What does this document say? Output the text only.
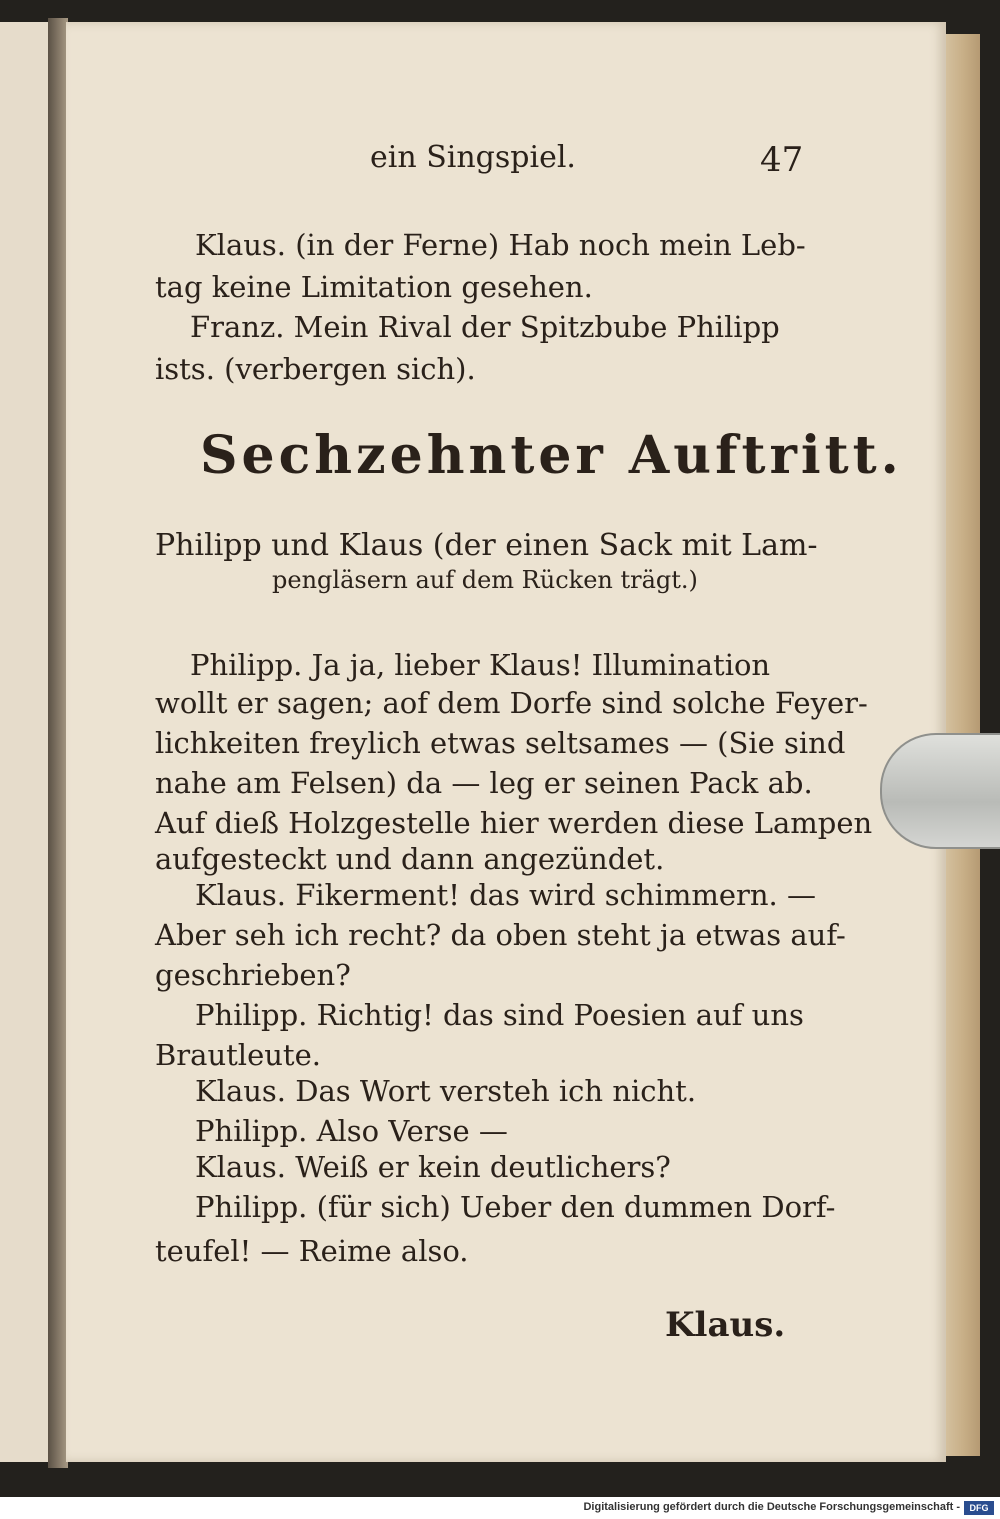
ein Singspiel.	47
Klaus. (in der Ferne) Hab noch mein Leb-
tag keine Limitation gesehen.
Franz. Mein Rival der Spitzbube Philipp
ists. (verbergen sich).
Sechzehnter Auftritt.
Philipp und Klaus (der einen Sack mit Lam-
pengläsern auf dem Rücken trägt.)
Philipp. Ja ja, lieber Klaus! Illumination
wollt er sagen; aof dem Dorfe sind solche Feyer-
lichkeiten freylich etwas seltsames — (Sie sind
nahe am Felsen) da — leg er seinen Pack ab.
Auf dieß Holzgestelle hier werden diese Lampen
aufgesteckt und dann angezündet.
Klaus. Fikerment! das wird schimmern. —
Aber seh ich recht? da oben steht ja etwas auf-
geschrieben?
Philipp. Richtig! das sind Poesien auf uns
Brautleute.
Klaus. Das Wort versteh ich nicht.
Philipp. Also Verse —
Klaus. Weiß er kein deutlichers?
Philipp. (für sich) Ueber den dummen Dorf-
teufel! — Reime also.
Klaus.
Digitalisierung gefördert durch die Deutsche Forschungsgemeinschaft -	DFG
